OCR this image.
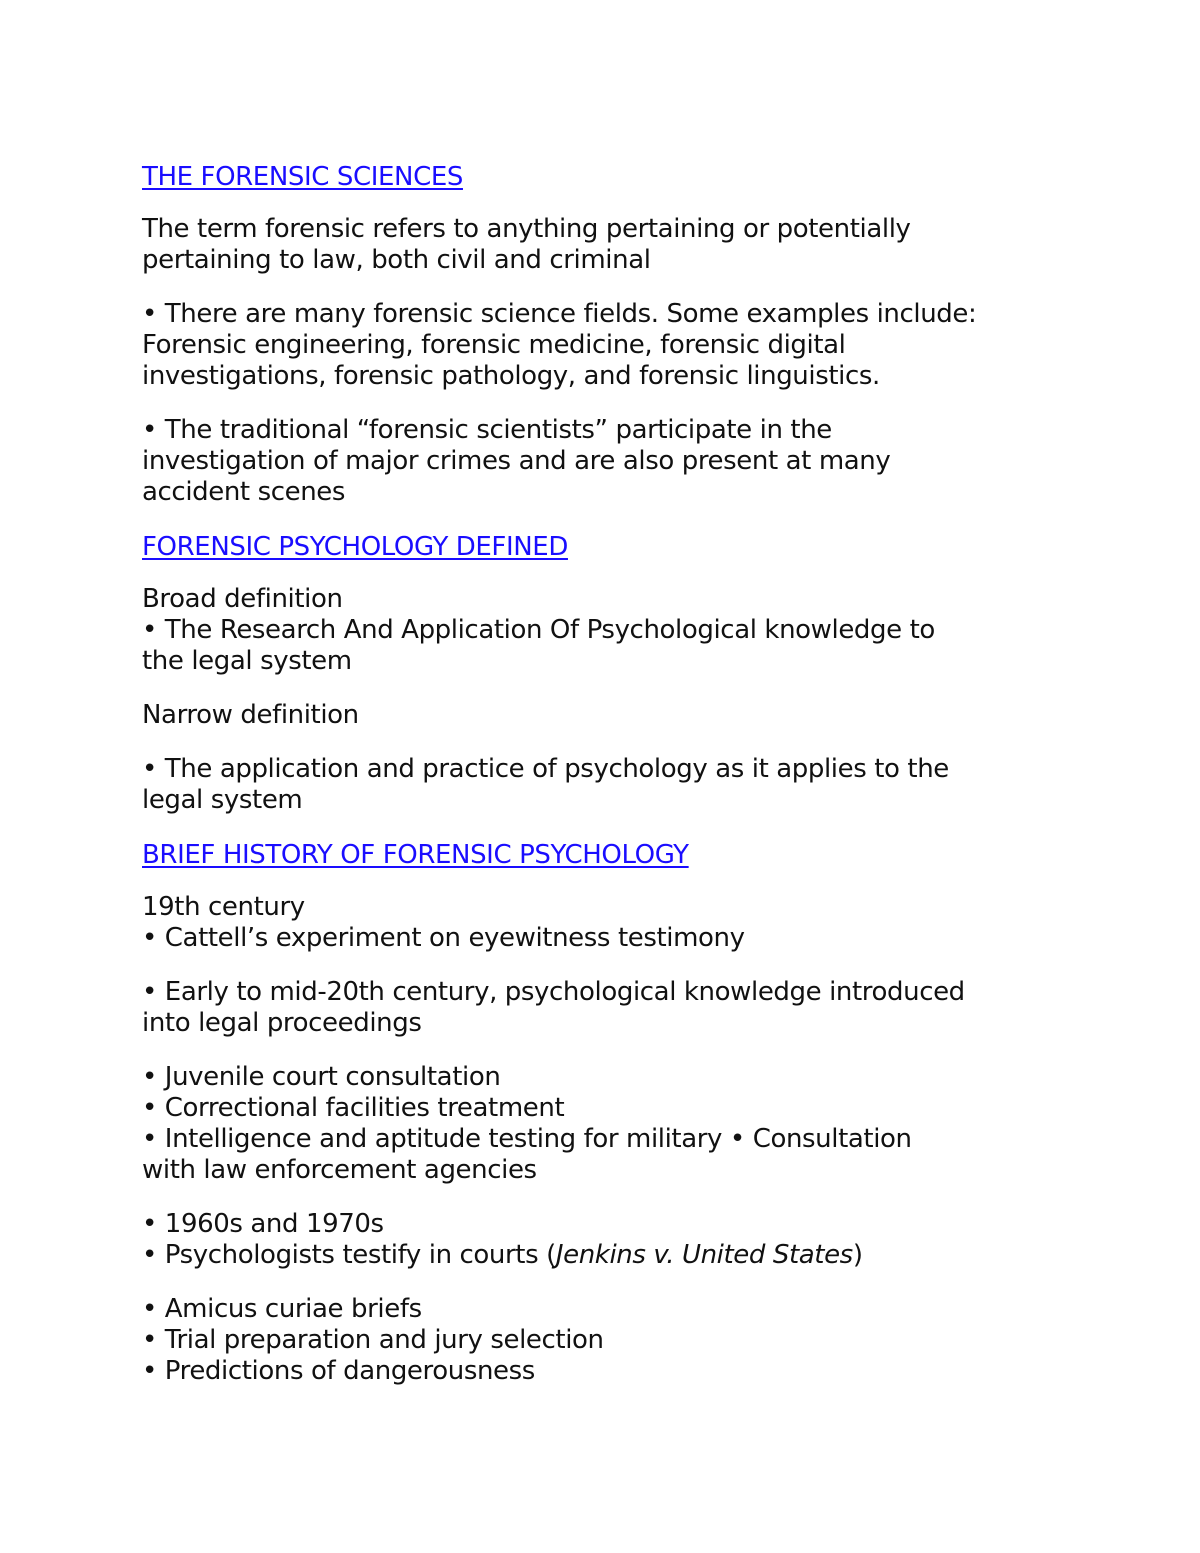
THE FORENSIC SCIENCES

The term forensic refers to anything pertaining or potentially
pertaining to law, both civil and criminal

• There are many forensic science fields. Some examples include:
Forensic engineering, forensic medicine, forensic digital
investigations, forensic pathology, and forensic linguistics.

• The traditional “forensic scientists” participate in the
investigation of major crimes and are also present at many
accident scenes

FORENSIC PSYCHOLOGY DEFINED

Broad definition
• The Research And Application Of Psychological knowledge to
the legal system

Narrow definition

• The application and practice of psychology as it applies to the
legal system

BRIEF HISTORY OF FORENSIC PSYCHOLOGY

19th century
• Cattell’s experiment on eyewitness testimony

• Early to mid-20th century, psychological knowledge introduced
into legal proceedings

• Juvenile court consultation
• Correctional facilities treatment
• Intelligence and aptitude testing for military • Consultation
with law enforcement agencies

• 1960s and 1970s
• Psychologists testify in courts (Jenkins v. United States)

• Amicus curiae briefs
• Trial preparation and jury selection
• Predictions of dangerousness
